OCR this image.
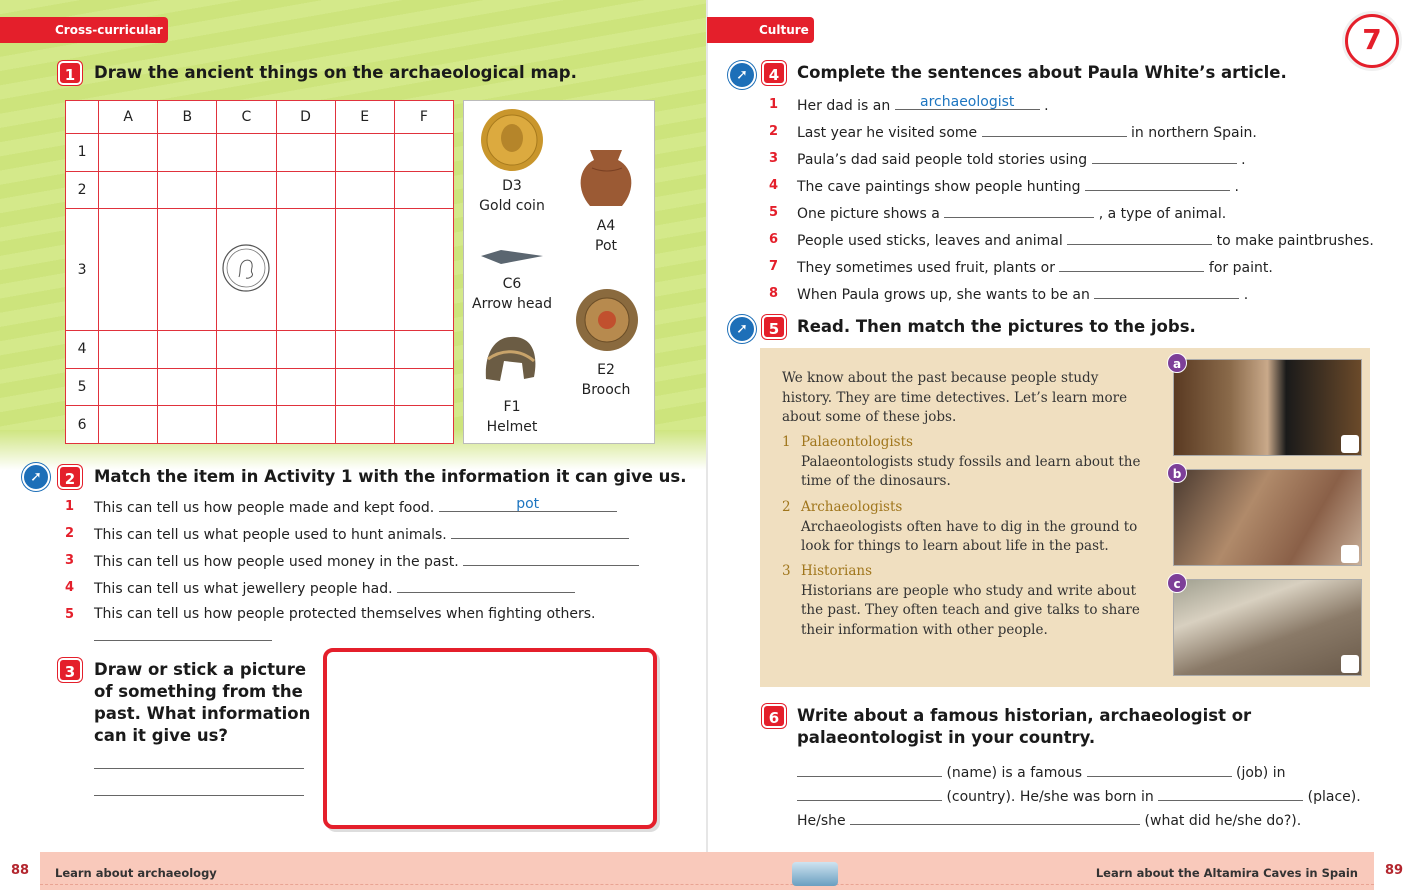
Cross-curricular
1	Draw the ancient things on the archaeological map.
	A	B	C	D	E	F
1						
2						
3						
4						
5						
6						
D3
Gold coin
A4
Pot
C6
Arrow head
E2
Brooch
F1
Helmet
➚	2	Match the item in Activity 1 with the information it can give us.
1 This can tell us how people made and kept food.	pot
2 This can tell us what people used to hunt animals.
3 This can tell us how people used money in the past.
4 This can tell us what jewellery people had.
5 This can tell us how people protected themselves when fighting others.
3	Draw or stick a picture of something from the past. What information can it give us?
Culture	7
➚	4	Complete the sentences about Paula White’s article.
1 Her dad is an	archaeologist	.
2 Last year he visited some	in northern Spain.
3 Paula’s dad said people told stories using	.
4 The cave paintings show people hunting	.
5 One picture shows a	, a type of animal.
6 People used sticks, leaves and animal	to make paintbrushes.
7 They sometimes used fruit, plants or	for paint.
8 When Paula grows up, she wants to be an	.
➚	5	Read. Then match the pictures to the jobs.
We know about the past because people study history. They are time detectives. Let’s learn more about some of these jobs.
1 Palaeontologists
Palaeontologists study fossils and learn about the time of the dinosaurs.
2 Archaeologists
Archaeologists often have to dig in the ground to look for things to learn about life in the past.
3 Historians
Historians are people who study and write about the past. They often teach and give talks to share their information with other people.
a
b
c
6	Write about a famous historian, archaeologist or palaeontologist in your country.
(name) is a famous	(job) in
(country). He/she was born in	(place).
He/she	(what did he/she do?).
88	Learn about archaeology	Learn about the Altamira Caves in Spain	89
